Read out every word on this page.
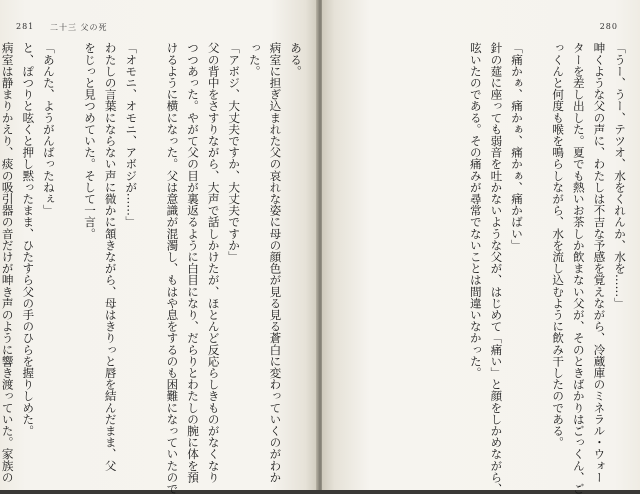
281 二十三 父の死
ある。
病室に担ぎ込まれた父の哀れな姿に母の顔色が見る見る蒼白に変わっていくのがわか
った。
「アボジ、大丈夫ですか、大丈夫ですか」
父の背中をさすりながら、大声で話しかけたが、ほとんど反応らしきものがなくなり
つつあった。やがて父の目が裏返るように白目になり、だらりとわたしの腕に体を預
けるように横になった。父は意識が混濁し、もはや息をするのも困難になっていたので

「オモニ、オモニ、アボジが……」
わたしの言葉にならない声に微かに頷きながら、母はきりっと唇を結んだまま、父
をじっと見つめていた。そして一言。

「あんた、ようがんばったねぇ」
と、ぽつりと呟くと押し黙ったまま、ひたすら父の手のひらを握りしめた。
病室は静まりかえり、痰の吸引器の音だけが呻き声のように響き渡っていた。家族の
280
「うー、うー、テツオ、水をくれんか、水を……」
呻くような父の声に、わたしは不吉な予感を覚えながら、冷蔵庫のミネラル・ウォー
ターを差し出した。夏でも熱いお茶しか飲まない父が、そのときばかりはごっくん、ご
っくんと何度も喉を鳴らしながら、水を流し込むように飲み干したのである。

「痛かぁ、痛かぁ、痛かぁ、痛かばい」
針の莚に座っても弱音を吐かないような父が、はじめて「痛い」と顔をしかめながら、
呟いたのである。その痛みが尋常でないことは間違いなかった。
